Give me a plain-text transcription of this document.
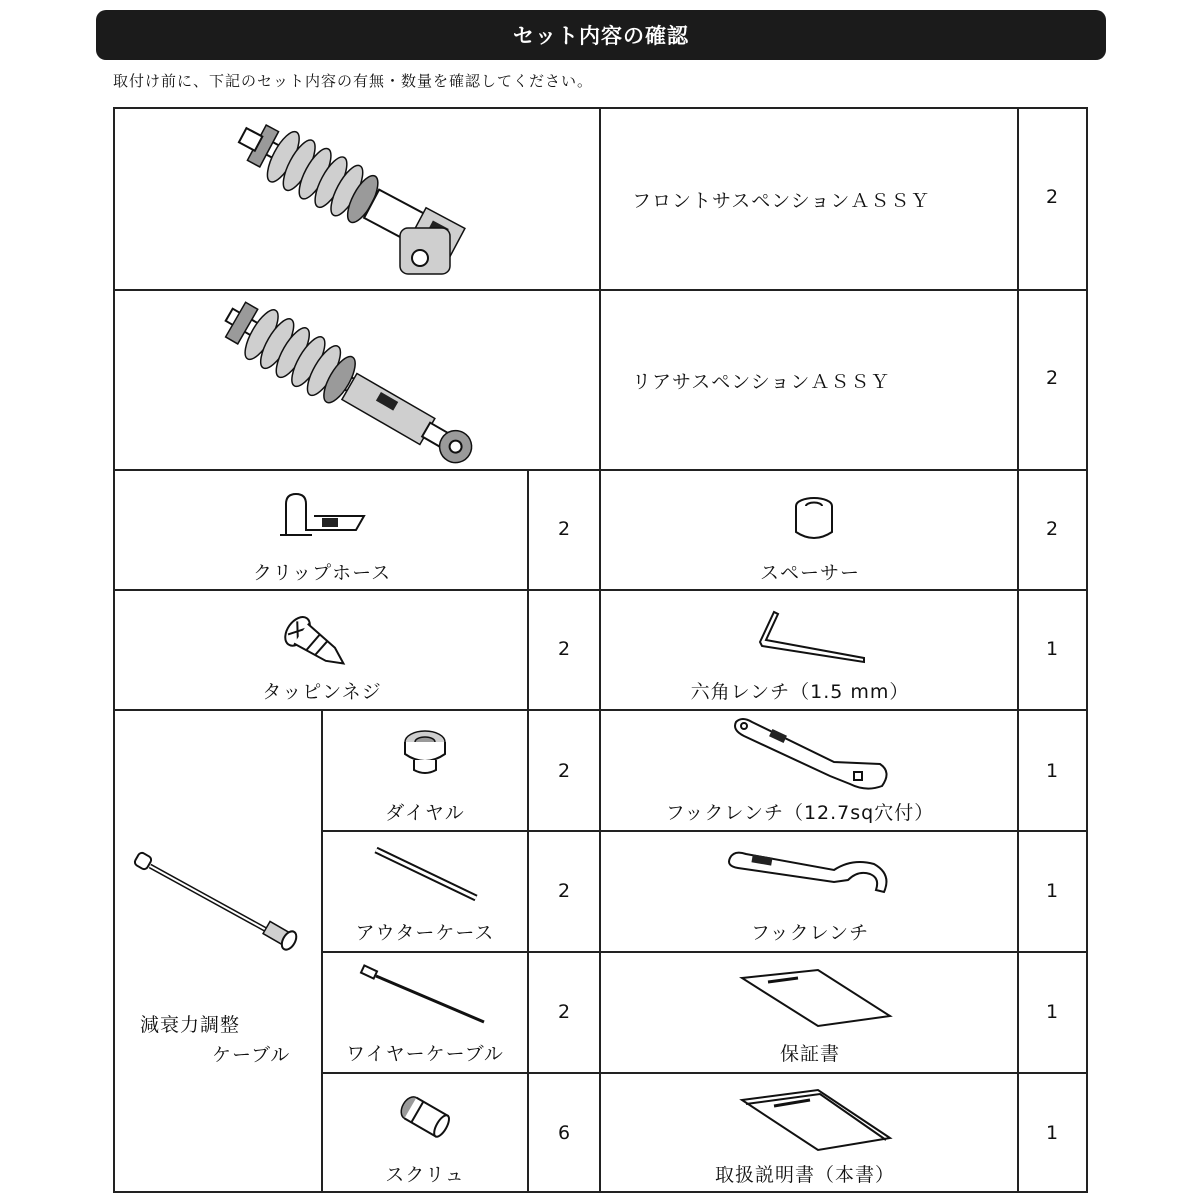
セット内容の確認
取付け前に、下記のセット内容の有無・数量を確認してください。
フロントサスペンションＡＳＳＹ	2
リアサスペンションＡＳＳＹ	2
クリップホース
2
スペーサー
2
タッピンネジ
2
六角レンチ（1.5 mm）
1
減衰力調整
ケーブル
ダイヤル
2
フックレンチ（12.7sq穴付）
1
アウターケース
2
フックレンチ
1
ワイヤーケーブル
2
保証書
1
スクリュ
6
取扱説明書（本書）
1
